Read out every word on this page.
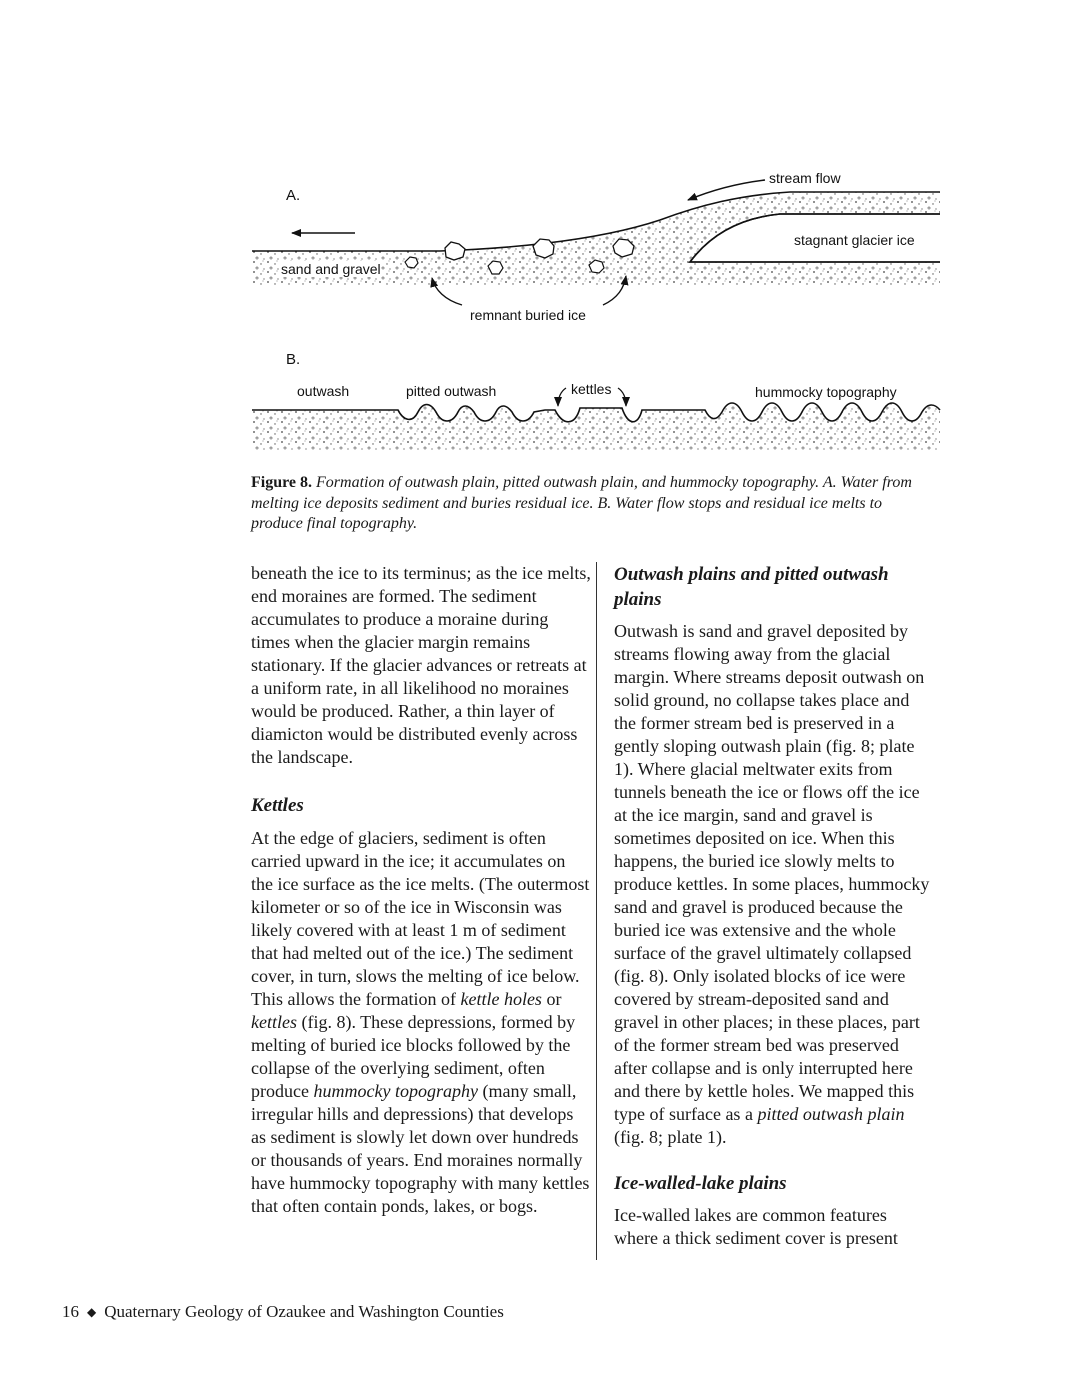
A.
stream flow
stagnant glacier ice
sand and gravel
remnant buried ice
B.
outwash	pitted outwash	kettles	hummocky topography
Figure 8. Formation of outwash plain, pitted outwash plain, and hummocky topography. A. Water from melting ice deposits sediment and buries residual ice. B. Water flow stops and residual ice melts to produce final topography.

beneath the ice to its terminus; as the ice melts, end moraines are formed. The sediment accumulates to produce a moraine during times when the glacier margin remains stationary. If the glacier advances or retreats at a uniform rate, in all likelihood no moraines would be produced. Rather, a thin layer of diamicton would be distributed evenly across the landscape.

Kettles

At the edge of glaciers, sediment is often carried upward in the ice; it accumulates on the ice surface as the ice melts. (The outermost kilometer or so of the ice in Wisconsin was likely covered with at least 1 m of sediment that had melted out of the ice.) The sediment cover, in turn, slows the melting of ice below. This allows the formation of kettle holes or kettles (fig. 8). These depressions, formed by melting of buried ice blocks followed by the collapse of the overlying sediment, often produce hummocky topography (many small, irregular hills and depressions) that develops as sediment is slowly let down over hundreds or thousands of years. End moraines normally have hummocky topography with many kettles that often contain ponds, lakes, or bogs.

Outwash plains and pitted outwash plains

Outwash is sand and gravel deposited by streams flowing away from the glacial margin. Where streams deposit outwash on solid ground, no collapse takes place and the former stream bed is preserved in a gently sloping outwash plain (fig. 8; plate 1). Where glacial meltwater exits from tunnels beneath the ice or flows off the ice at the ice margin, sand and gravel is sometimes deposited on ice. When this happens, the buried ice slowly melts to produce kettles. In some places, hummocky sand and gravel is produced because the buried ice was extensive and the whole surface of the gravel ultimately collapsed (fig. 8). Only isolated blocks of ice were covered by stream-deposited sand and gravel in other places; in these places, part of the former stream bed was preserved after collapse and is only interrupted here and there by kettle holes. We mapped this type of surface as a pitted outwash plain (fig. 8; plate 1).

Ice-walled-lake plains

Ice-walled lakes are common features where a thick sediment cover is present

16 ◆ Quaternary Geology of Ozaukee and Washington Counties
